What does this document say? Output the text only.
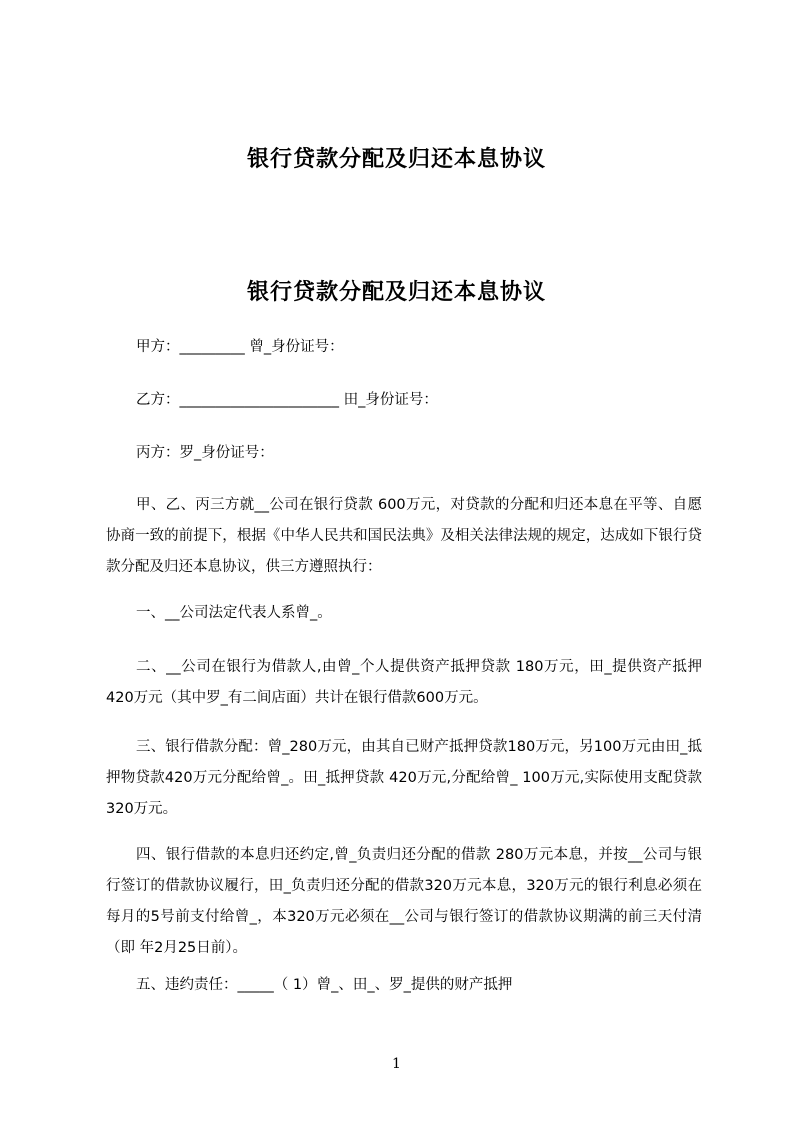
银行贷款分配及归还本息协议
银行贷款分配及归还本息协议

甲方：_________ 曾_身份证号：

乙方：______________________ 田_身份证号：

丙方：罗_身份证号：

甲、乙、丙三方就__公司在银行贷款 600万元，对贷款的分配和归还本息在平等、自愿协商一致的前提下，根据《中华人民共和国民法典》及相关法律法规的规定，达成如下银行贷款分配及归还本息协议，供三方遵照执行：

一、__公司法定代表人系曾_。

二、__公司在银行为借款人,由曾_个人提供资产抵押贷款 180万元，田_提供资产抵押420万元（其中罗_有二间店面）共计在银行借款600万元。

三、银行借款分配：曾_280万元，由其自已财产抵押贷款180万元，另100万元由田_抵押物贷款420万元分配给曾_。田_抵押贷款 420万元,分配给曾_ 100万元,实际使用支配贷款320万元。

四、银行借款的本息归还约定,曾_负责归还分配的借款 280万元本息，并按__公司与银行签订的借款协议履行，田_负责归还分配的借款320万元本息，320万元的银行利息必须在每月的5号前支付给曾_，本320万元必须在__公司与银行签订的借款协议期满的前三天付清（即 年2月25日前）。

五、违约责任：_____（ 1）曾_、田_、罗_提供的财产抵押

1
